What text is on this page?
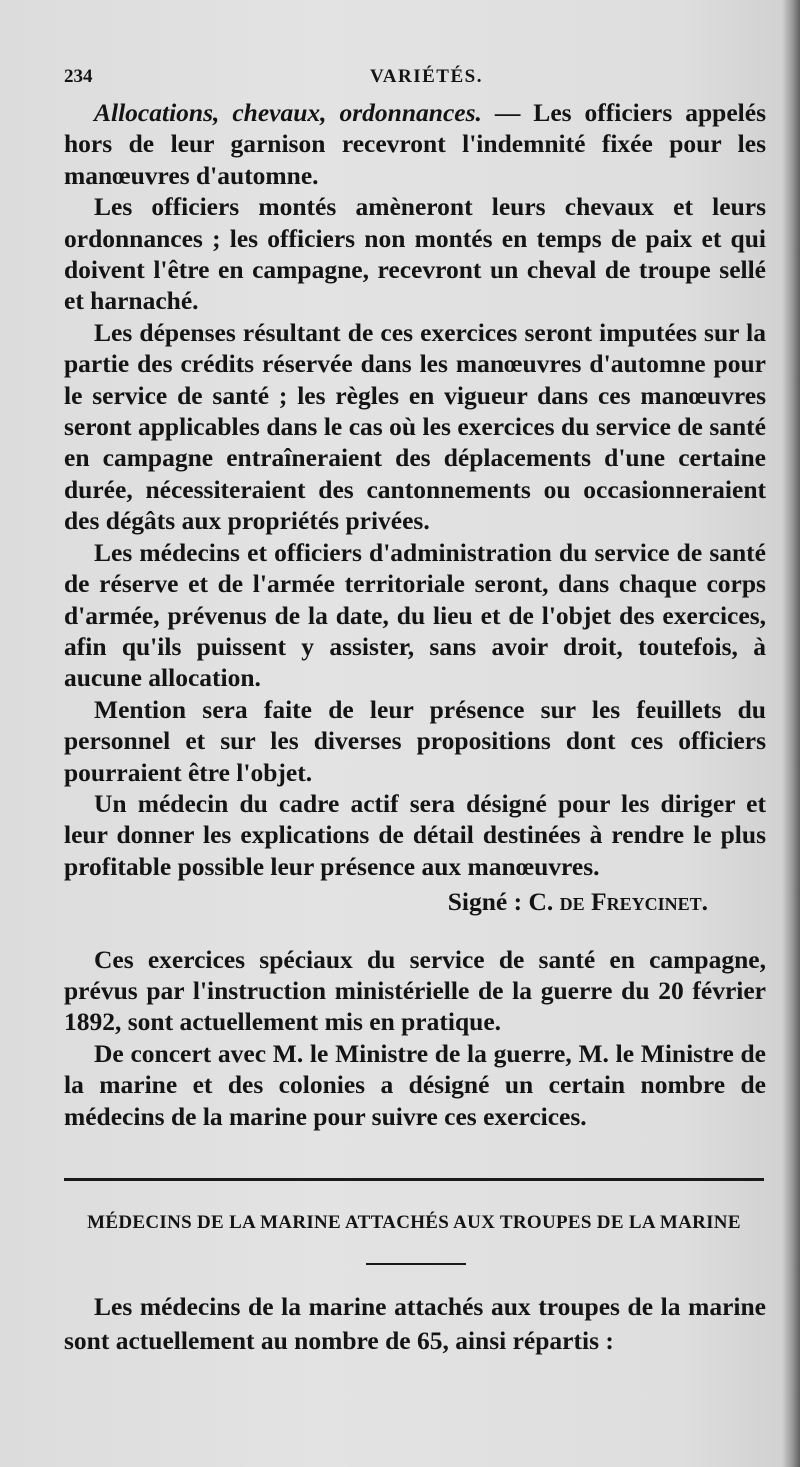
234	VARIÉTÉS.

Allocations, chevaux, ordonnances. — Les officiers appelés hors de leur garnison recevront l'indemnité fixée pour les manœuvres d'automne.

Les officiers montés amèneront leurs chevaux et leurs ordonnances ; les officiers non montés en temps de paix et qui doivent l'être en campagne, recevront un cheval de troupe sellé et harnaché.

Les dépenses résultant de ces exercices seront imputées sur la partie des crédits réservée dans les manœuvres d'automne pour le service de santé ; les règles en vigueur dans ces manœuvres seront applicables dans le cas où les exercices du service de santé en campagne entraîneraient des déplacements d'une certaine durée, nécessiteraient des cantonnements ou occasionneraient des dégâts aux propriétés privées.

Les médecins et officiers d'administration du service de santé de réserve et de l'armée territoriale seront, dans chaque corps d'armée, prévenus de la date, du lieu et de l'objet des exercices, afin qu'ils puissent y assister, sans avoir droit, toutefois, à aucune allocation.

Mention sera faite de leur présence sur les feuillets du personnel et sur les diverses propositions dont ces officiers pourraient être l'objet.

Un médecin du cadre actif sera désigné pour les diriger et leur donner les explications de détail destinées à rendre le plus profitable possible leur présence aux manœuvres.

Signé : C. de Freycinet.

Ces exercices spéciaux du service de santé en campagne, prévus par l'instruction ministérielle de la guerre du 20 février 1892, sont actuellement mis en pratique.

De concert avec M. le Ministre de la guerre, M. le Ministre de la marine et des colonies a désigné un certain nombre de médecins de la marine pour suivre ces exercices.

MÉDECINS DE LA MARINE ATTACHÉS AUX TROUPES DE LA MARINE

Les médecins de la marine attachés aux troupes de la marine sont actuellement au nombre de 65, ainsi répartis :
